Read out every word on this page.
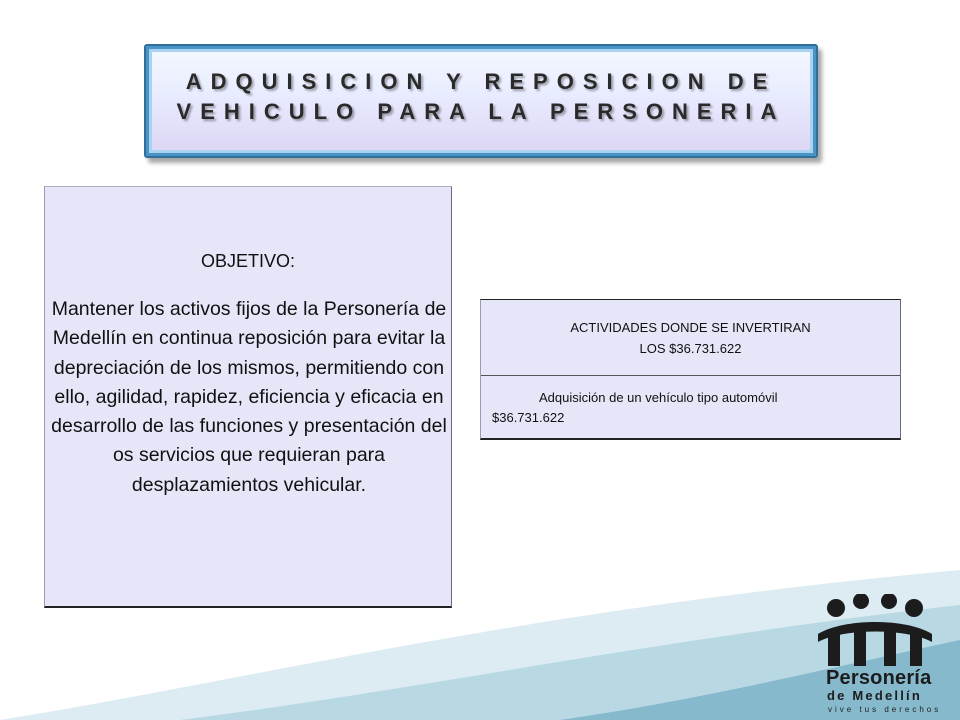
ADQUISICION Y REPOSICION DE
VEHICULO PARA LA PERSONERIA
OBJETIVO:
Mantener los activos fijos de la Personería de Medellín en continua reposición para evitar la depreciación de los mismos, permitiendo con ello, agilidad, rapidez, eficiencia y eficacia en desarrollo de las funciones y presentación del os servicios que requieran para desplazamientos vehicular.
ACTIVIDADES DONDE SE INVERTIRAN
LOS $36.731.622
Adquisición de un vehículo tipo automóvil
$36.731.622
Personería
de Medellín
vive tus derechos
